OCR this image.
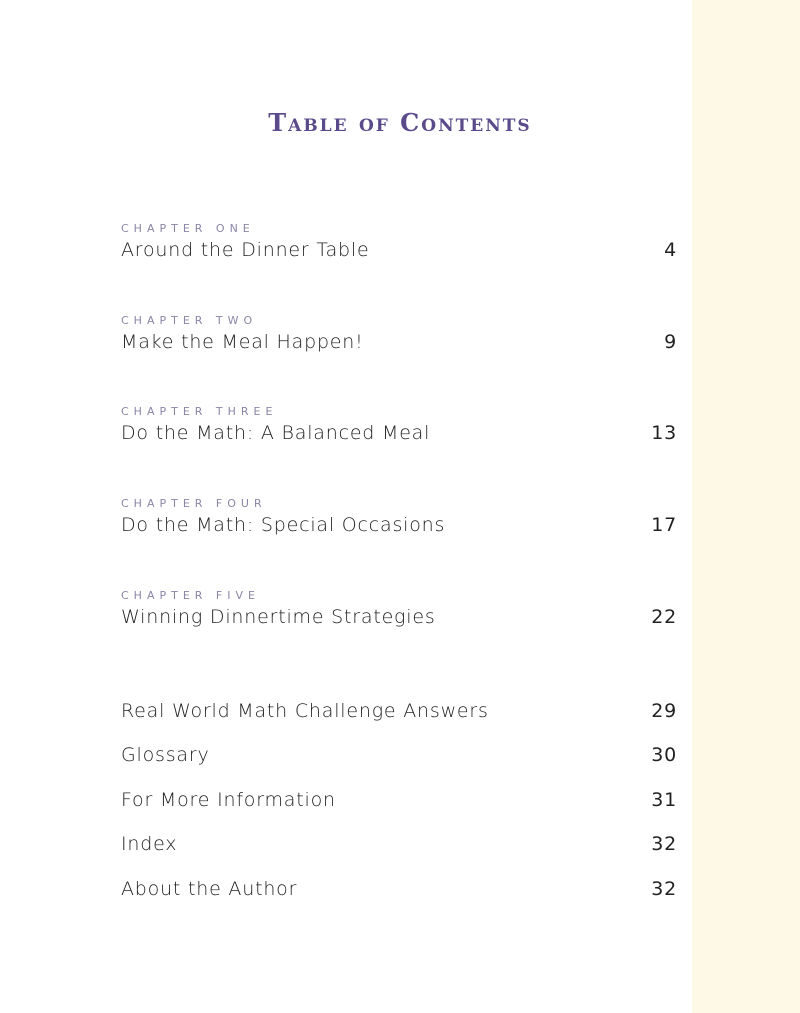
Table of Contents
CHAPTER ONE
Around the Dinner Table	4
CHAPTER TWO
Make the Meal Happen!	9
CHAPTER THREE
Do the Math: A Balanced Meal	13
CHAPTER FOUR
Do the Math: Special Occasions	17
CHAPTER FIVE
Winning Dinnertime Strategies	22
Real World Math Challenge Answers	29
Glossary	30
For More Information	31
Index	32
About the Author	32
